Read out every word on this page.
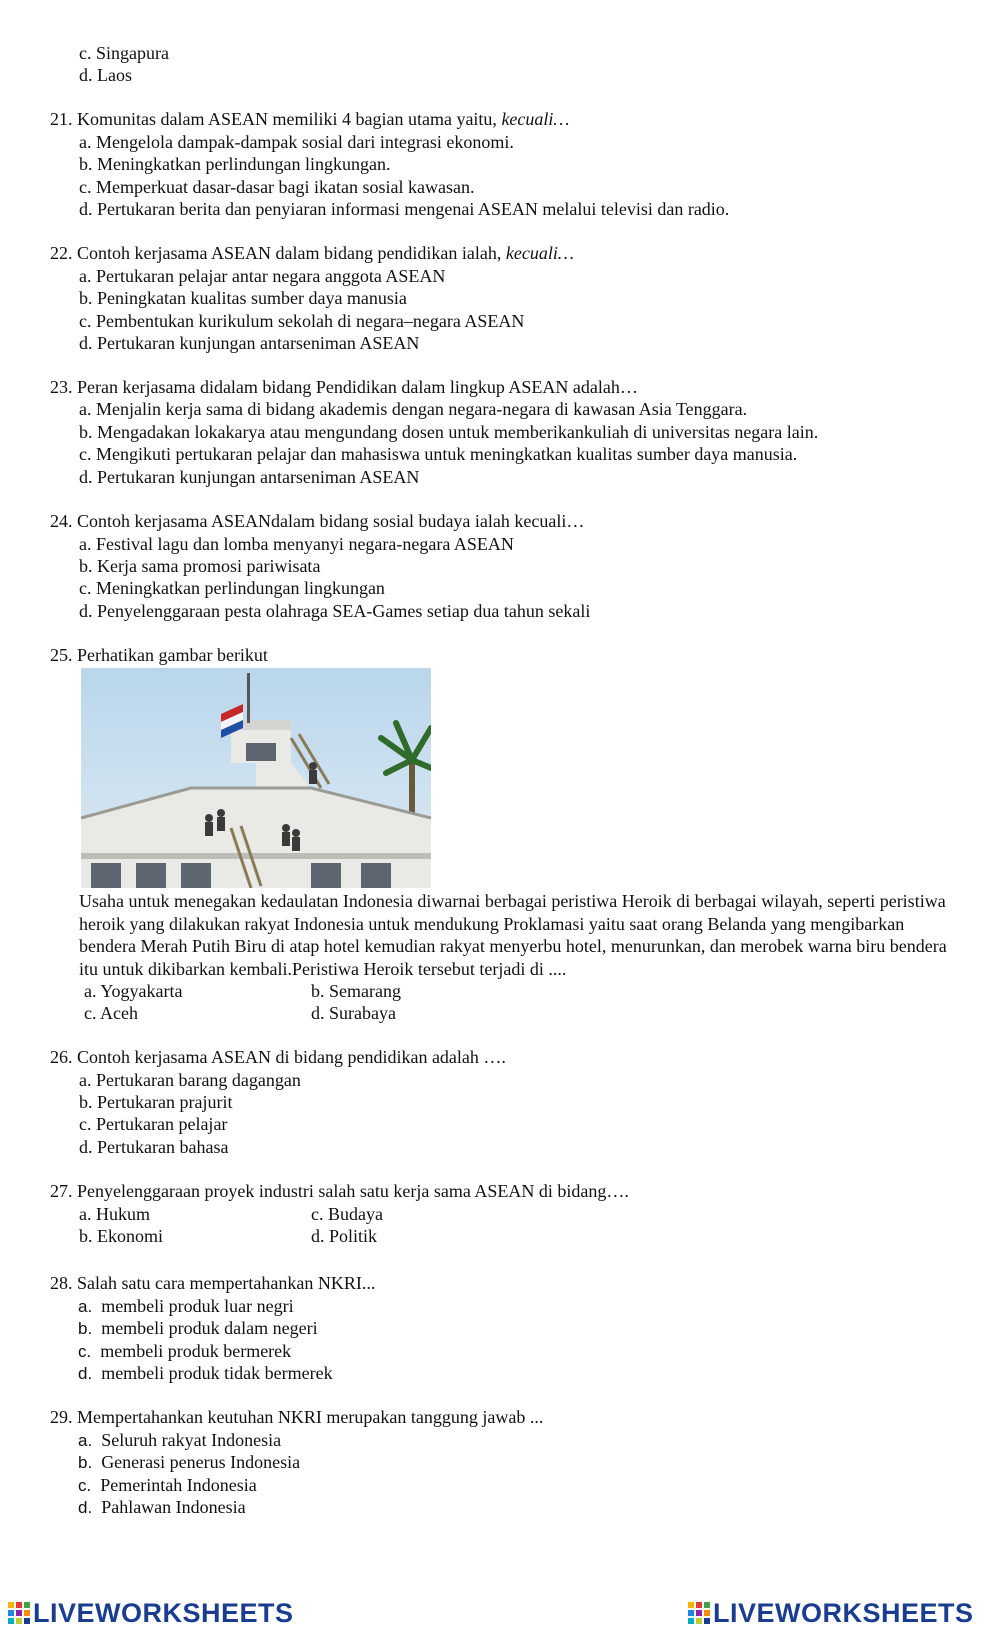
c. Singapura
d. Laos
21. Komunitas dalam ASEAN memiliki 4 bagian utama yaitu, kecuali…
a. Mengelola dampak-dampak sosial dari integrasi ekonomi.
b. Meningkatkan perlindungan lingkungan.
c. Memperkuat dasar-dasar bagi ikatan sosial kawasan.
d. Pertukaran berita dan penyiaran informasi mengenai ASEAN melalui televisi dan radio.
22. Contoh kerjasama ASEAN dalam bidang pendidikan ialah, kecuali…
a. Pertukaran pelajar antar negara anggota ASEAN
b. Peningkatan kualitas sumber daya manusia
c. Pembentukan kurikulum sekolah di negara–negara ASEAN
d. Pertukaran kunjungan antarseniman ASEAN
23. Peran kerjasama didalam bidang Pendidikan dalam lingkup ASEAN adalah…
a. Menjalin kerja sama di bidang akademis dengan negara-negara di kawasan Asia Tenggara.
b. Mengadakan lokakarya atau mengundang dosen untuk memberikankuliah di universitas negara lain.
c. Mengikuti pertukaran pelajar dan mahasiswa untuk meningkatkan kualitas sumber daya manusia.
d. Pertukaran kunjungan antarseniman ASEAN
24. Contoh kerjasama ASEANdalam bidang sosial budaya ialah kecuali…
a. Festival lagu dan lomba menyanyi negara-negara ASEAN
b. Kerja sama promosi pariwisata
c. Meningkatkan perlindungan lingkungan
d. Penyelenggaraan pesta olahraga SEA-Games setiap dua tahun sekali
25. Perhatikan gambar berikut
Usaha untuk menegakan kedaulatan Indonesia diwarnai berbagai peristiwa Heroik di berbagai wilayah, seperti peristiwa heroik yang dilakukan rakyat Indonesia untuk mendukung Proklamasi yaitu saat orang Belanda yang mengibarkan bendera Merah Putih Biru di atap hotel kemudian rakyat menyerbu hotel, menurunkan, dan merobek warna biru bendera itu untuk dikibarkan kembali.Peristiwa Heroik tersebut terjadi di ....
a. Yogyakarta	b. Semarang
c. Aceh	d. Surabaya
26. Contoh kerjasama ASEAN di bidang pendidikan adalah ….
a. Pertukaran barang dagangan
b. Pertukaran prajurit
c. Pertukaran pelajar
d. Pertukaran bahasa
27. Penyelenggaraan proyek industri salah satu kerja sama ASEAN di bidang….
a. Hukum	c. Budaya
b. Ekonomi	d. Politik
28. Salah satu cara mempertahankan NKRI...
a. membeli produk luar negri
b. membeli produk dalam negeri
c. membeli produk bermerek
d. membeli produk tidak bermerek
29. Mempertahankan keutuhan NKRI merupakan tanggung jawab ...
a. Seluruh rakyat Indonesia
b. Generasi penerus Indonesia
c. Pemerintah Indonesia
d. Pahlawan Indonesia
LIVEWORKSHEETS	LIVEWORKSHEETS
